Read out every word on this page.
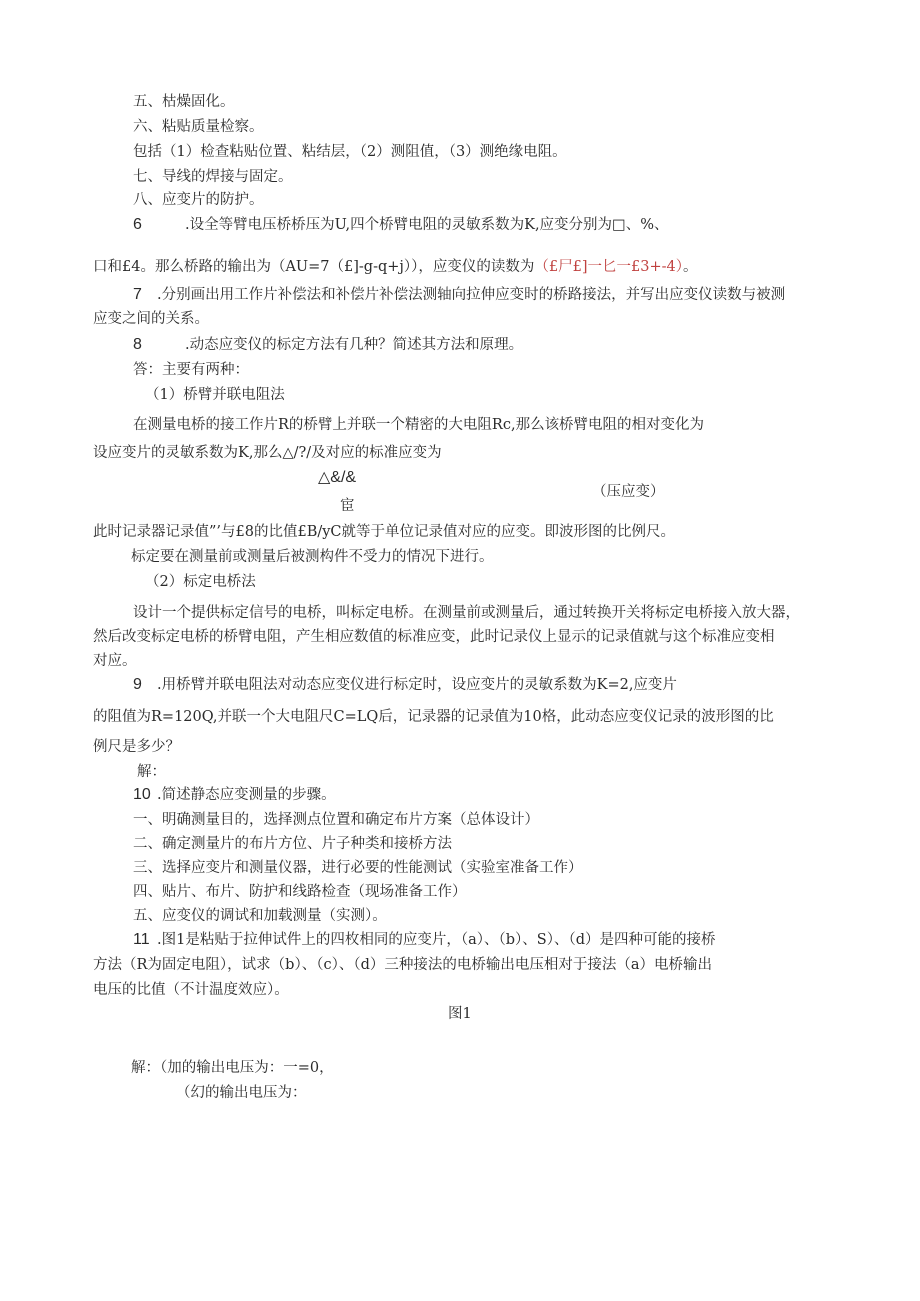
五、枯燥固化。
六、粘贴质量检察。
包括（1）检查粘贴位置、粘结层，（2）测阻值，（3）测绝缘电阻。
七、导线的焊接与固定。
八、应变片的防护。
6	.设全等臂电压桥桥压为U,四个桥臂电阻的灵敏系数为K,应变分别为□、%、
口和£4。那么桥路的输出为（AU=7（£]-g-q+j）），应变仪的读数为（£尸£]一匕一£3+-4）。
7 .分别画出用工作片补偿法和补偿片补偿法测轴向拉伸应变时的桥路接法，并写出应变仪读数与被测
应变之间的关系。
8	.动态应变仪的标定方法有几种？简述其方法和原理。
答：主要有两种：
（1）桥臂并联电阻法
在测量电桥的接工作片R的桥臂上并联一个精密的大电阻Rc,那么该桥臂电阻的相对变化为
设应变片的灵敏系数为K,那么△/?/及对应的标准应变为
△&/&
宦
（压应变）
此时记录器记录值”’与£8的比值£B/yC就等于单位记录值对应的应变。即波形图的比例尺。
标定要在测量前或测量后被测构件不受力的情况下进行。
（2）标定电桥法
设计一个提供标定信号的电桥，叫标定电桥。在测量前或测量后，通过转换开关将标定电桥接入放大器，
然后改变标定电桥的桥臂电阻，产生相应数值的标准应变，此时记录仪上显示的记录值就与这个标准应变相
对应。
9 .用桥臂并联电阻法对动态应变仪进行标定时，设应变片的灵敏系数为K=2,应变片
的阻值为R=120Q,并联一个大电阻尺C=LQ后，记录器的记录值为10格，此动态应变仪记录的波形图的比
例尺是多少？
解：
10 .简述静态应变测量的步骤。
一、明确测量目的，选择测点位置和确定布片方案（总体设计）
二、确定测量片的布片方位、片子种类和接桥方法
三、选择应变片和测量仪器，进行必要的性能测试（实验室准备工作）
四、贴片、布片、防护和线路检查（现场准备工作）
五、应变仪的调试和加载测量（实测）。
11 .图1是粘贴于拉伸试件上的四枚相同的应变片，（a）、（b）、S）、（d）是四种可能的接桥
方法（R为固定电阻），试求（b）、（c）、（d）三种接法的电桥输出电压相对于接法（a）电桥输出
电压的比值（不计温度效应）。
图1
解：（加的输出电压为：一=0，
（幻的输出电压为：
